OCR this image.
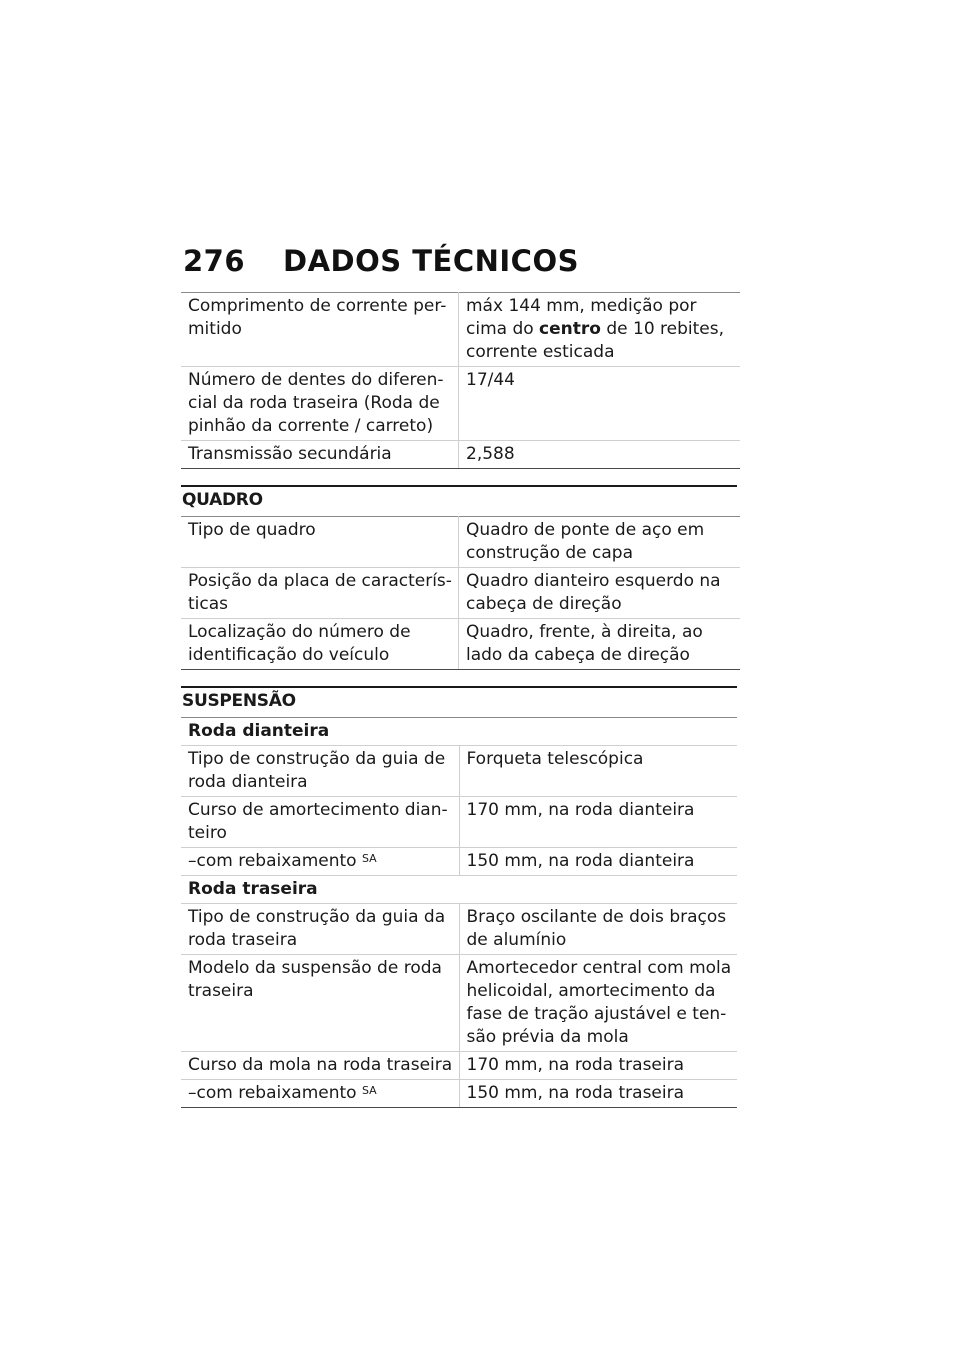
276	DADOS TÉCNICOS
Comprimento de corrente per-mitido	máx 144 mm, medição por cima do centro de 10 rebites, corrente esticada
Número de dentes do diferen-cial da roda traseira (Roda de pinhão da corrente / carreto)	17/44
Transmissão secundária	2,588
QUADRO
Tipo de quadro	Quadro de ponte de aço em construção de capa
Posição da placa de caracterís-ticas	Quadro dianteiro esquerdo na cabeça de direção
Localização do número de identificação do veículo	Quadro, frente, à direita, ao lado da cabeça de direção
SUSPENSÃO
Roda dianteira	
Tipo de construção da guia de roda dianteira	Forqueta telescópica
Curso de amortecimento dian-teiro	170 mm, na roda dianteira
–com rebaixamento $^{SA}$	150 mm, na roda dianteira
Roda traseira	
Tipo de construção da guia da roda traseira	Braço oscilante de dois braços de alumínio
Modelo da suspensão de roda traseira	Amortecedor central com mola helicoidal, amortecimento da fase de tração ajustável e ten-são prévia da mola
Curso da mola na roda traseira	170 mm, na roda traseira
–com rebaixamento $^{SA}$	150 mm, na roda traseira
